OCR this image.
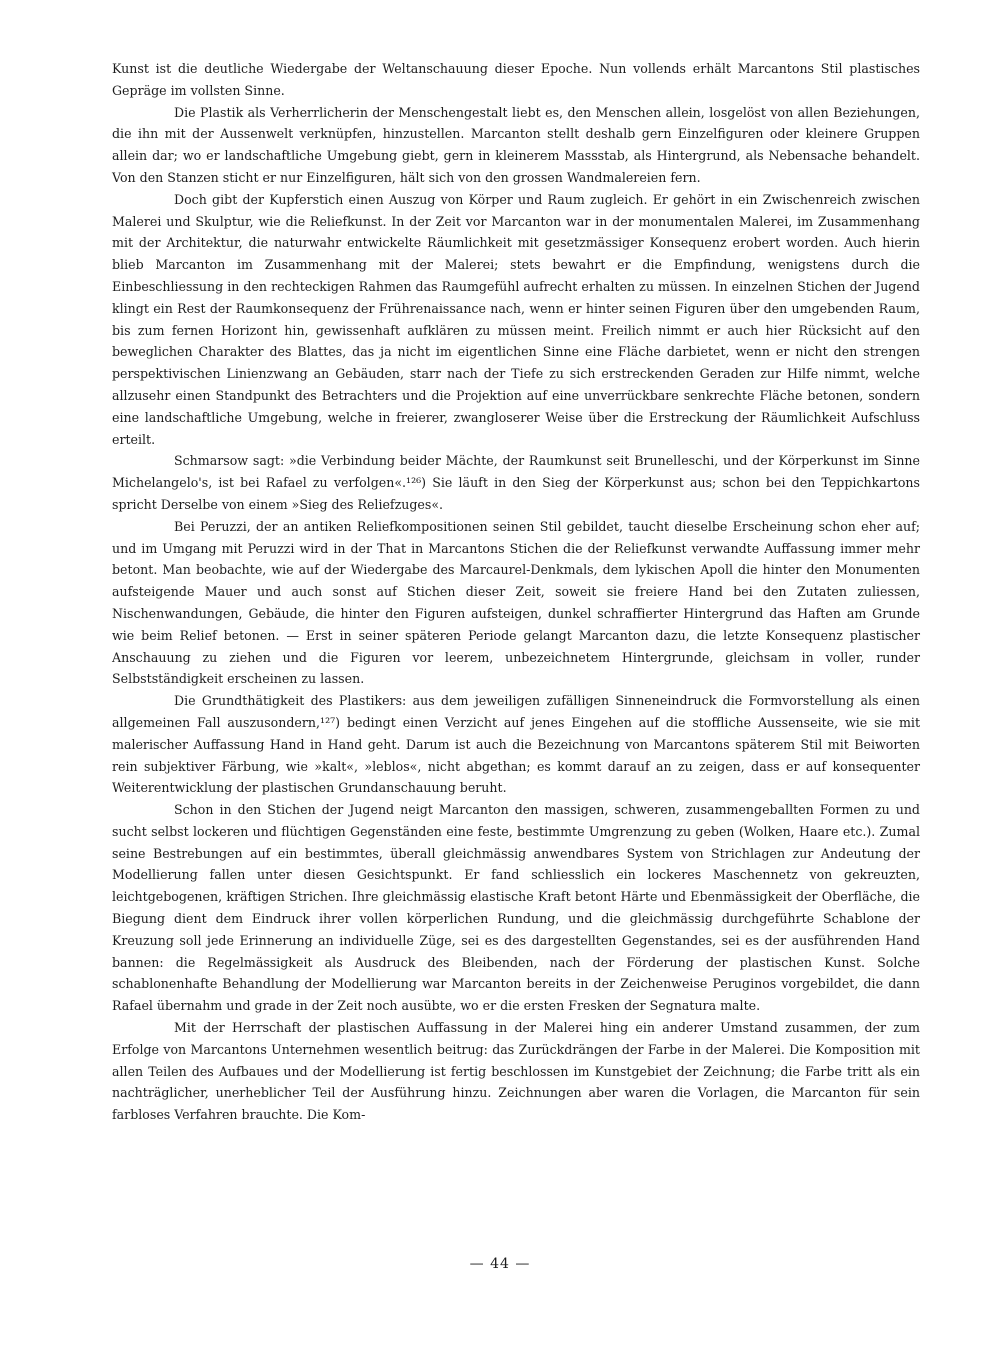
Kunst ist die deutliche Wiedergabe der Weltanschauung dieser Epoche. Nun vollends erhält Marcantons Stil plastisches Gepräge im vollsten Sinne.

Die Plastik als Verherrlicherin der Menschengestalt liebt es, den Menschen allein, losgelöst von allen Beziehungen, die ihn mit der Aussenwelt verknüpfen, hinzustellen. Marcanton stellt deshalb gern Einzelfiguren oder kleinere Gruppen allein dar; wo er landschaftliche Umgebung giebt, gern in kleinerem Massstab, als Hintergrund, als Nebensache behandelt. Von den Stanzen sticht er nur Einzelfiguren, hält sich von den grossen Wandmalereien fern.

Doch gibt der Kupferstich einen Auszug von Körper und Raum zugleich. Er gehört in ein Zwischenreich zwischen Malerei und Skulptur, wie die Reliefkunst. In der Zeit vor Marcanton war in der monumentalen Malerei, im Zusammenhang mit der Architektur, die naturwahr entwickelte Räumlichkeit mit gesetzmässiger Konsequenz erobert worden. Auch hierin blieb Marcanton im Zusammenhang mit der Malerei; stets bewahrt er die Empfindung, wenigstens durch die Einbeschliessung in den rechteckigen Rahmen das Raumgefühl aufrecht erhalten zu müssen. In einzelnen Stichen der Jugend klingt ein Rest der Raumkonsequenz der Frührenaissance nach, wenn er hinter seinen Figuren über den umgebenden Raum, bis zum fernen Horizont hin, gewissenhaft aufklären zu müssen meint. Freilich nimmt er auch hier Rücksicht auf den beweglichen Charakter des Blattes, das ja nicht im eigentlichen Sinne eine Fläche darbietet, wenn er nicht den strengen perspektivischen Linienzwang an Gebäuden, starr nach der Tiefe zu sich erstreckenden Geraden zur Hilfe nimmt, welche allzusehr einen Standpunkt des Betrachters und die Projektion auf eine unverrückbare senkrechte Fläche betonen, sondern eine landschaftliche Umgebung, welche in freierer, zwangloserer Weise über die Erstreckung der Räumlichkeit Aufschluss erteilt.

Schmarsow sagt: »die Verbindung beider Mächte, der Raumkunst seit Brunelleschi, und der Körperkunst im Sinne Michelangelo's, ist bei Rafael zu verfolgen«.¹²⁶) Sie läuft in den Sieg der Körperkunst aus; schon bei den Teppichkartons spricht Derselbe von einem »Sieg des Reliefzuges«.

Bei Peruzzi, der an antiken Reliefkompositionen seinen Stil gebildet, taucht dieselbe Erscheinung schon eher auf; und im Umgang mit Peruzzi wird in der That in Marcantons Stichen die der Reliefkunst verwandte Auffassung immer mehr betont. Man beobachte, wie auf der Wiedergabe des Marcaurel-Denkmals, dem lykischen Apoll die hinter den Monumenten aufsteigende Mauer und auch sonst auf Stichen dieser Zeit, soweit sie freiere Hand bei den Zutaten zuliessen, Nischenwandungen, Gebäude, die hinter den Figuren aufsteigen, dunkel schraffierter Hintergrund das Haften am Grunde wie beim Relief betonen. — Erst in seiner späteren Periode gelangt Marcanton dazu, die letzte Konsequenz plastischer Anschauung zu ziehen und die Figuren vor leerem, unbezeichnetem Hintergrunde, gleichsam in voller, runder Selbstständigkeit erscheinen zu lassen.

Die Grundthätigkeit des Plastikers: aus dem jeweiligen zufälligen Sinneneindruck die Formvorstellung als einen allgemeinen Fall auszusondern,¹²⁷) bedingt einen Verzicht auf jenes Eingehen auf die stoffliche Aussenseite, wie sie mit malerischer Auffassung Hand in Hand geht. Darum ist auch die Bezeichnung von Marcantons späterem Stil mit Beiworten rein subjektiver Färbung, wie »kalt«, »leblos«, nicht abgethan; es kommt darauf an zu zeigen, dass er auf konsequenter Weiterentwicklung der plastischen Grundanschauung beruht.

Schon in den Stichen der Jugend neigt Marcanton den massigen, schweren, zusammengeballten Formen zu und sucht selbst lockeren und flüchtigen Gegenständen eine feste, bestimmte Umgrenzung zu geben (Wolken, Haare etc.). Zumal seine Bestrebungen auf ein bestimmtes, überall gleichmässig anwendbares System von Strichlagen zur Andeutung der Modellierung fallen unter diesen Gesichtspunkt. Er fand schliesslich ein lockeres Maschennetz von gekreuzten, leichtgebogenen, kräftigen Strichen. Ihre gleichmässig elastische Kraft betont Härte und Ebenmässigkeit der Oberfläche, die Biegung dient dem Eindruck ihrer vollen körperlichen Rundung, und die gleichmässig durchgeführte Schablone der Kreuzung soll jede Erinnerung an individuelle Züge, sei es des dargestellten Gegenstandes, sei es der ausführenden Hand bannen: die Regelmässigkeit als Ausdruck des Bleibenden, nach der Förderung der plastischen Kunst. Solche schablonenhafte Behandlung der Modellierung war Marcanton bereits in der Zeichenweise Peruginos vorgebildet, die dann Rafael übernahm und grade in der Zeit noch ausübte, wo er die ersten Fresken der Segnatura malte.

Mit der Herrschaft der plastischen Auffassung in der Malerei hing ein anderer Umstand zusammen, der zum Erfolge von Marcantons Unternehmen wesentlich beitrug: das Zurückdrängen der Farbe in der Malerei. Die Komposition mit allen Teilen des Aufbaues und der Modellierung ist fertig beschlossen im Kunstgebiet der Zeichnung; die Farbe tritt als ein nachträglicher, unerheblicher Teil der Ausführung hinzu. Zeichnungen aber waren die Vorlagen, die Marcanton für sein farbloses Verfahren brauchte. Die Kom-

— 44 —
